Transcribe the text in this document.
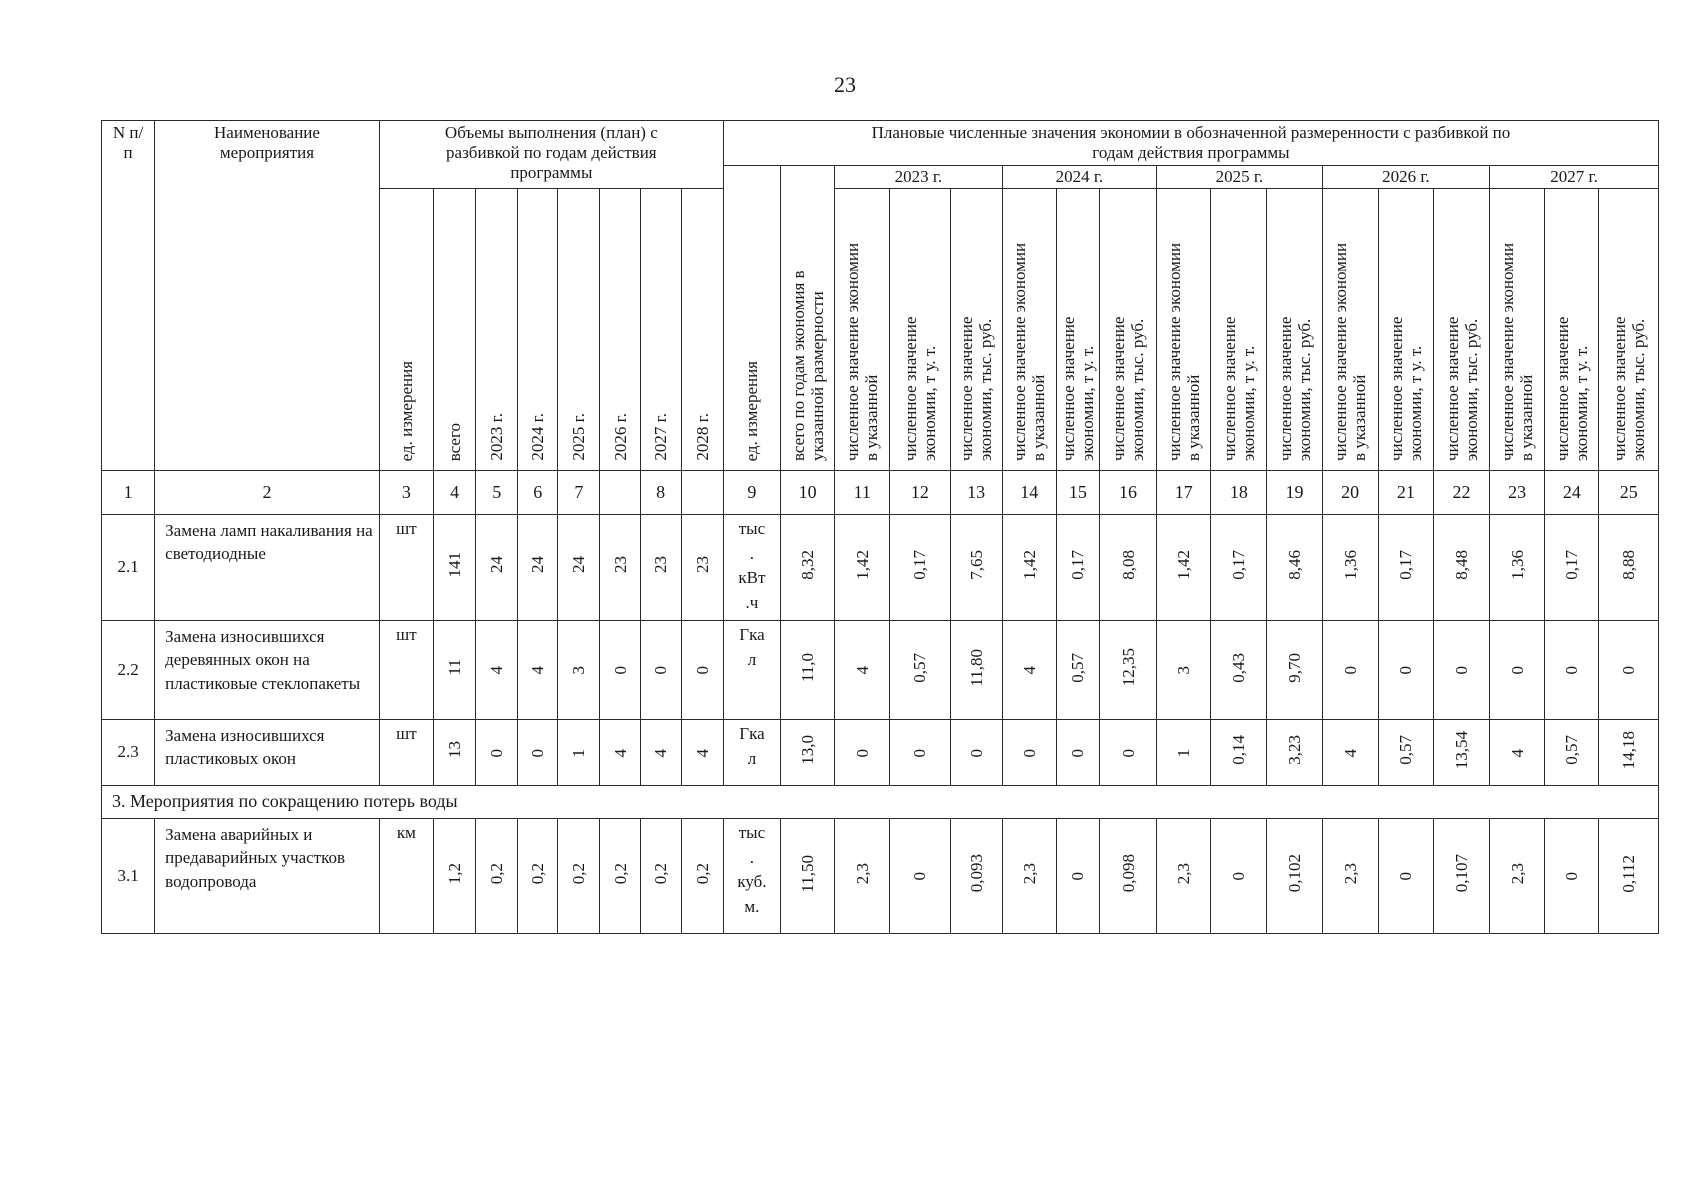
23
N п/п	Наименование мероприятия	Объемы выполнения (план) с разбивкой по годам действия программы								Плановые численные значения экономии в обозначенной размеренности с разбивкой по годам действия программы																
										ед. измерения	всего по годам экономия в указанной размерности	2023 г.			2024 г.			2025 г.			2026 г.			2027 г.		
		ед. измерения	всего	2023 г.	2024 г.	2025 г.	2026 г.	2027 г.	2028 г.			численное значение экономии в указанной	численное значение экономии, т у. т.	численное значение экономии, тыс. руб.	численное значение экономии в указанной	численное значение экономии, т у. т.	численное значение экономии, тыс. руб.	численное значение экономии в указанной	численное значение экономии, т у. т.	численное значение экономии, тыс. руб.	численное значение экономии в указанной	численное значение экономии, т у. т.	численное значение экономии, тыс. руб.	численное значение экономии в указанной	численное значение экономии, т у. т.	численное значение экономии, тыс. руб.
1	2	3	4	5	6	7		8		9	10	11	12	13	14	15	16	17	18	19	20	21	22	23	24	25
2.1	Замена ламп накаливания на светодиодные	шт	141	24	24	24	23	23	23	тыс
.
кВт
.ч	8,32	1,42	0,17	7,65	1,42	0,17	8,08	1,42	0,17	8,46	1,36	0,17	8,48	1,36	0,17	8,88
2.2	Замена износившихся деревянных окон на пластиковые стеклопакеты	шт	11	4	4	3	0	0	0	Гка
л	11,0	4	0,57	11,80	4	0,57	12,35	3	0,43	9,70	0	0	0	0	0	0
2.3	Замена износившихся пластиковых окон	шт	13	0	0	1	4	4	4	Гка
л	13,0	0	0	0	0	0	0	1	0,14	3,23	4	0,57	13,54	4	0,57	14,18
3. Мероприятия по сокращению потерь воды																										
3.1	Замена аварийных и предаварийных участков водопровода	км	1,2	0,2	0,2	0,2	0,2	0,2	0,2	тыс
.
куб.
м.	11,50	2,3	0	0,093	2,3	0	0,098	2,3	0	0,102	2,3	0	0,107	2,3	0	0,112
